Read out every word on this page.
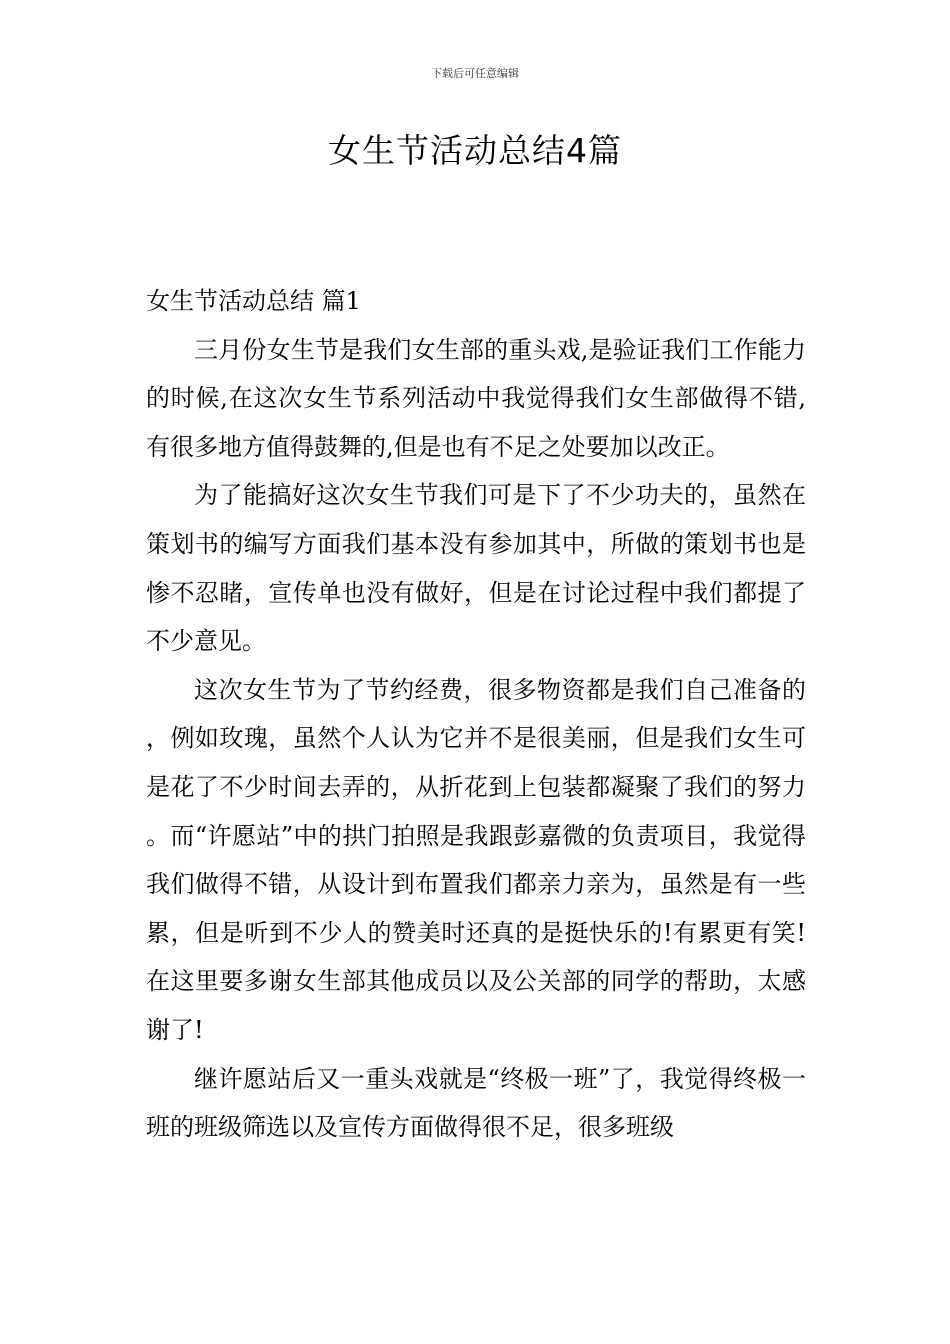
下载后可任意编辑
女生节活动总结4篇
女生节活动总结 篇1

三月份女生节是我们女生部的重头戏,是验证我们工作能力的时候,在这次女生节系列活动中我觉得我们女生部做得不错,有很多地方值得鼓舞的,但是也有不足之处要加以改正。

为了能搞好这次女生节我们可是下了不少功夫的，虽然在策划书的编写方面我们基本没有参加其中，所做的策划书也是惨不忍睹，宣传单也没有做好，但是在讨论过程中我们都提了不少意见。

这次女生节为了节约经费，很多物资都是我们自己准备的，例如玫瑰，虽然个人认为它并不是很美丽，但是我们女生可是花了不少时间去弄的，从折花到上包装都凝聚了我们的努力。而“许愿站”中的拱门拍照是我跟彭嘉微的负责项目，我觉得我们做得不错，从设计到布置我们都亲力亲为，虽然是有一些累，但是听到不少人的赞美时还真的是挺快乐的!有累更有笑!在这里要多谢女生部其他成员以及公关部的同学的帮助，太感谢了!

继许愿站后又一重头戏就是“终极一班”了，我觉得终极一班的班级筛选以及宣传方面做得很不足，很多班级
